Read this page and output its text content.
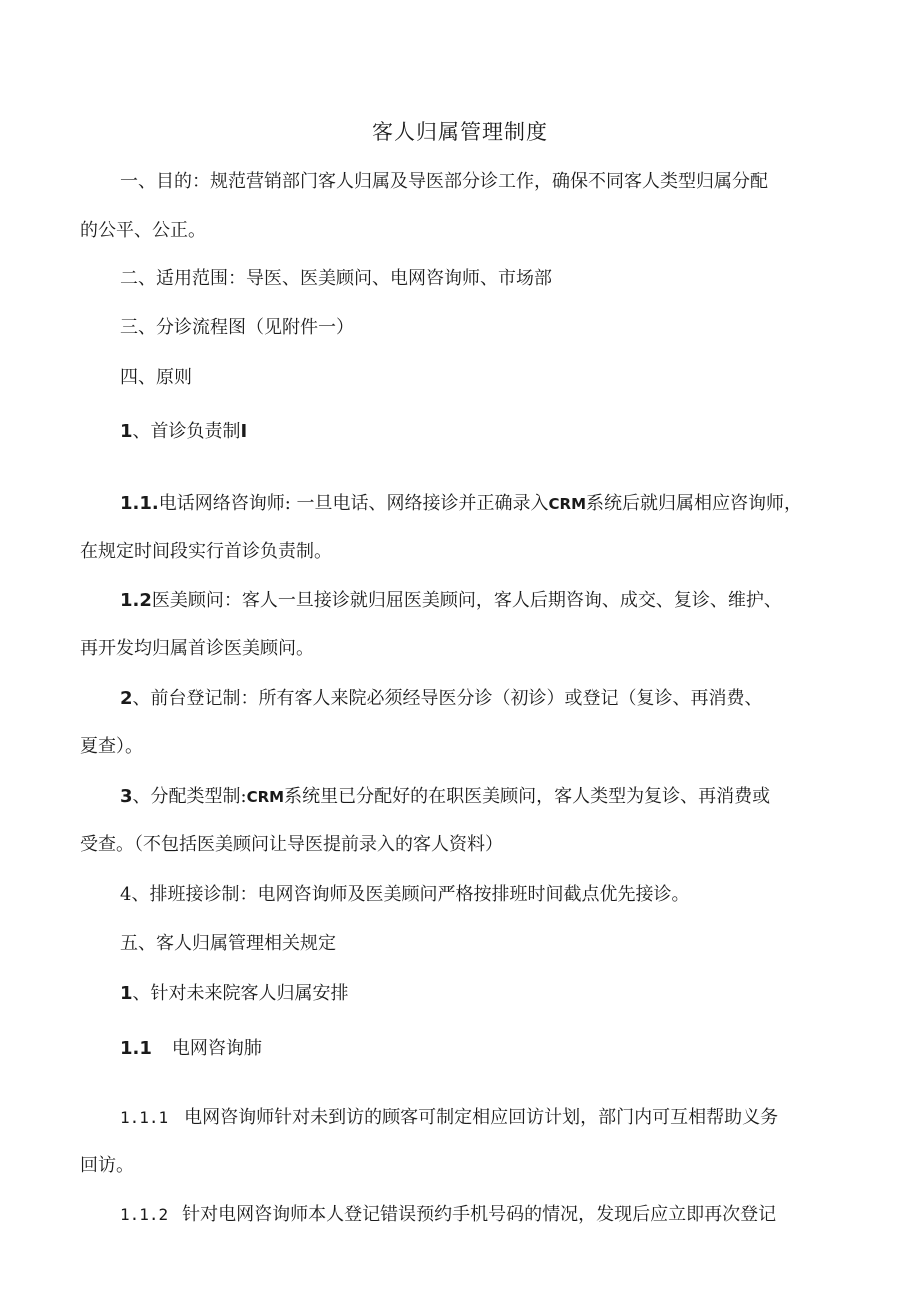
客人归属管理制度
一、目的：规范营销部门客人归属及导医部分诊工作，确保不同客人类型归属分配
的公平、公正。
二、适用范围：导医、医美顾问、电网咨询师、市场部
三、分诊流程图（见附件一）
四、原则
1、首诊负责制I
1.1.电话网络咨询师: 一旦电话、网络接诊并正确录入CRM系统后就归属相应咨询师，
在规定时间段实行首诊负责制。
1.2医美顾问：客人一旦接诊就归屈医美顾问，客人后期咨询、成交、复诊、维护、
再开发均归属首诊医美顾问。
2、前台登记制：所有客人来院必须经导医分诊（初诊）或登记（复诊、再消费、
夏查）。
3、分配类型制:CRM系统里已分配好的在职医美顾问，客人类型为复诊、再消费或
受查。（不包括医美顾问让导医提前录入的客人资料）
4、排班接诊制：电网咨询师及医美顾问严格按排班时间截点优先接诊。
五、客人归属管理相关规定
1、针对未来院客人归属安排
1.1 电网咨询肺
1.1.1 电网咨询师针对未到访的顾客可制定相应回访计划，部门内可互相帮助义务
回访。
1.1.2 针对电网咨询师本人登记错误预约手机号码的情况，发现后应立即再次登记
